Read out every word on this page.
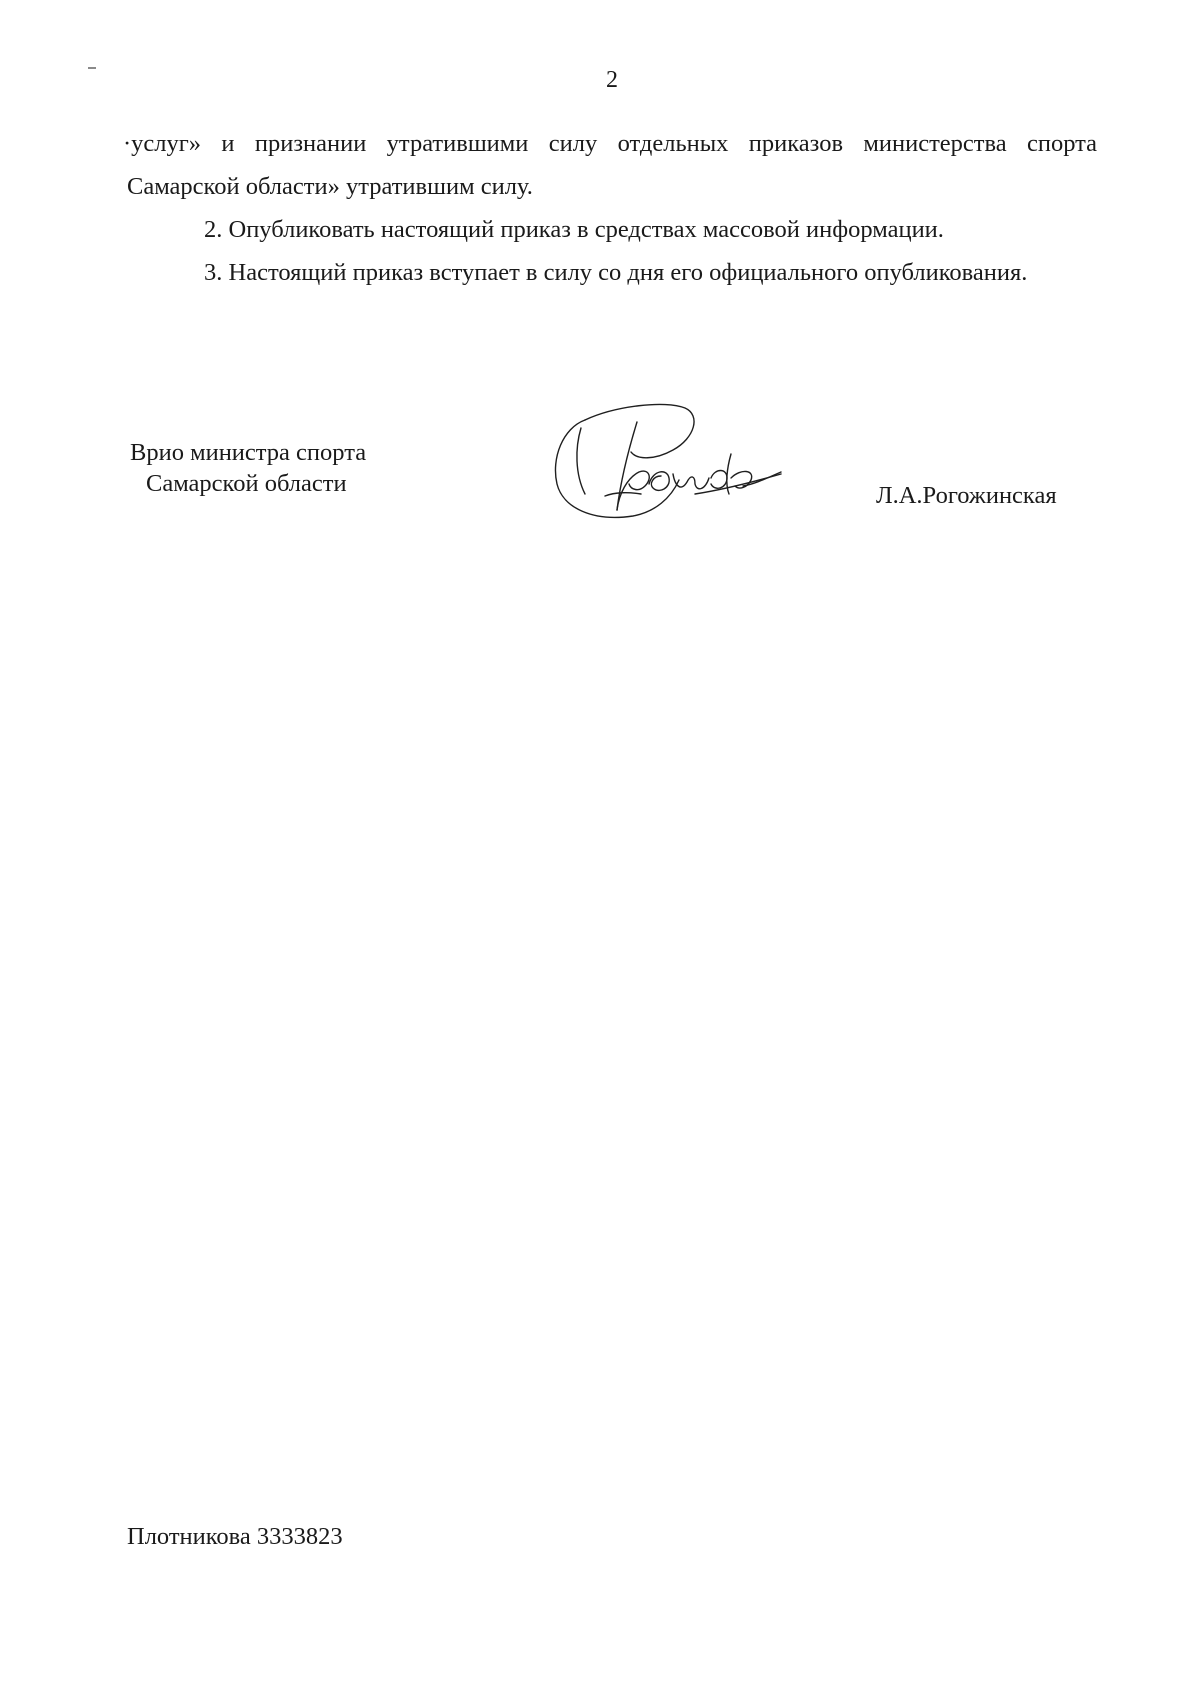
2

·услуг» и признании утратившими силу отдельных приказов министерства спорта Самарской области» утратившим силу.

2. Опубликовать настоящий приказ в средствах массовой информации.

3. Настоящий приказ вступает в силу со дня его официального опубликования.

Врио министра спорта
Самарской области	Л.А.Рогожинская
Плотникова 3333823
